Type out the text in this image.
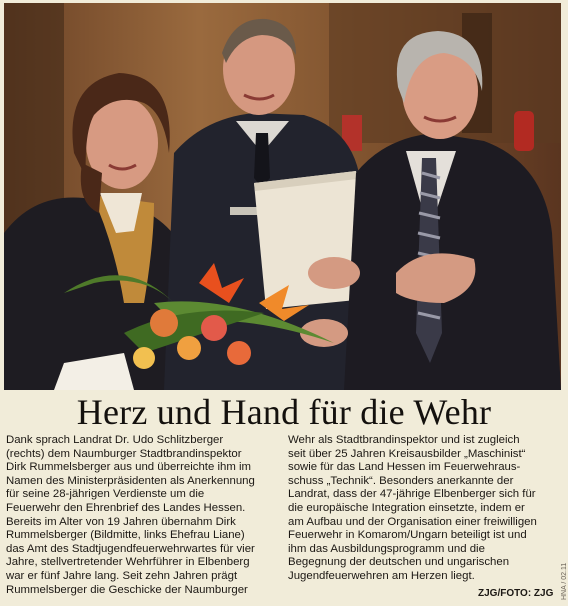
Herz und Hand für die Wehr
Dank sprach Landrat Dr. Udo Schlitzberger
(rechts) dem Naumburger Stadtbrandinspektor
Dirk Rummelsberger aus und überreichte ihm im
Namen des Ministerpräsidenten als Anerkennung
für seine 28-jährigen Verdienste um die
Feuerwehr den Ehrenbrief des Landes Hessen.
Bereits im Alter von 19 Jahren übernahm Dirk
Rummelsberger (Bildmitte, links Ehefrau Liane)
das Amt des Stadtjugendfeuerwehrwartes für vier
Jahre, stellvertretender Wehrführer in Elbenberg
war er fünf Jahre lang. Seit zehn Jahren prägt
Rummelsberger die Geschicke der Naumburger
Wehr als Stadtbrandinspektor und ist zugleich
seit über 25 Jahren Kreisausbilder „Maschinist“
sowie für das Land Hessen im Feuerwehraus-
schuss „Technik“. Besonders anerkannte der
Landrat, dass der 47-jährige Elbenberger sich für
die europäische Integration einsetzte, indem er
am Aufbau und der Organisation einer freiwilligen
Feuerwehr in Komarom/Ungarn beteiligt ist und
ihm das Ausbildungsprogramm und die
Begegnung der deutschen und ungarischen
Jugendfeuerwehren am Herzen liegt.
ZJG/FOTO: ZJG HNA / 02.11
